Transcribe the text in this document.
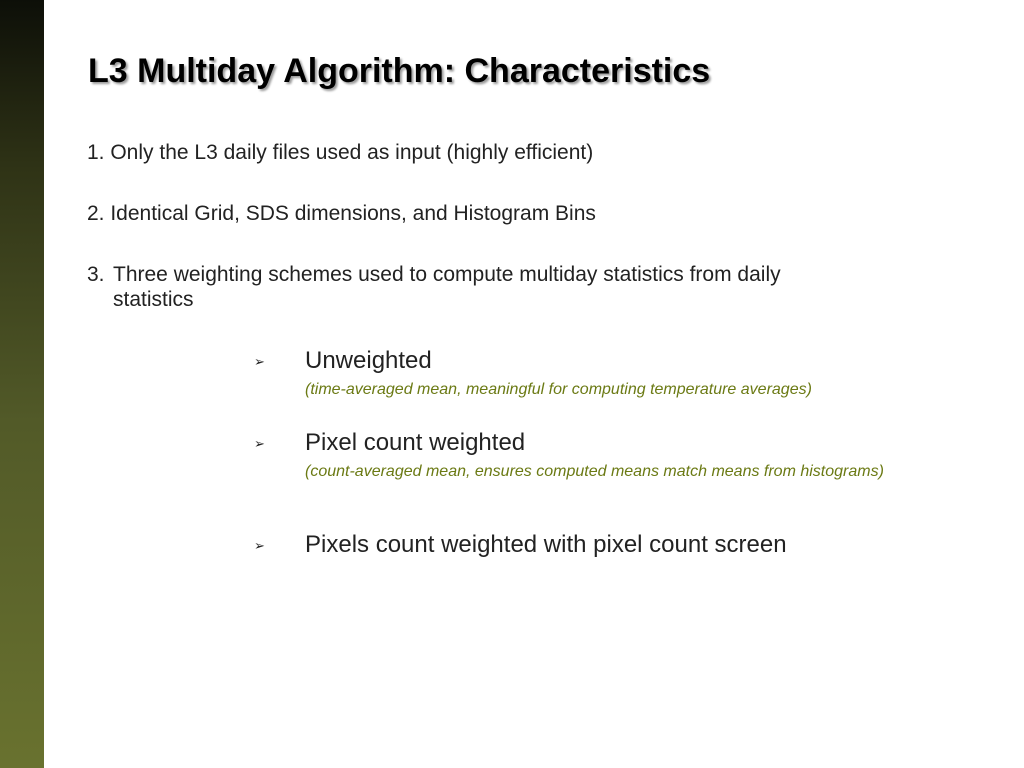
L3 Multiday Algorithm: Characteristics
1. Only the L3 daily files used as input (highly efficient)
2. Identical Grid, SDS dimensions, and Histogram Bins
3. Three weighting schemes used to compute multiday statistics from daily
statistics
➢ Unweighted
(time-averaged mean, meaningful for computing temperature averages)
➢ Pixel count weighted
(count-averaged mean, ensures computed means match means from histograms)
➢ Pixels count weighted with pixel count screen
